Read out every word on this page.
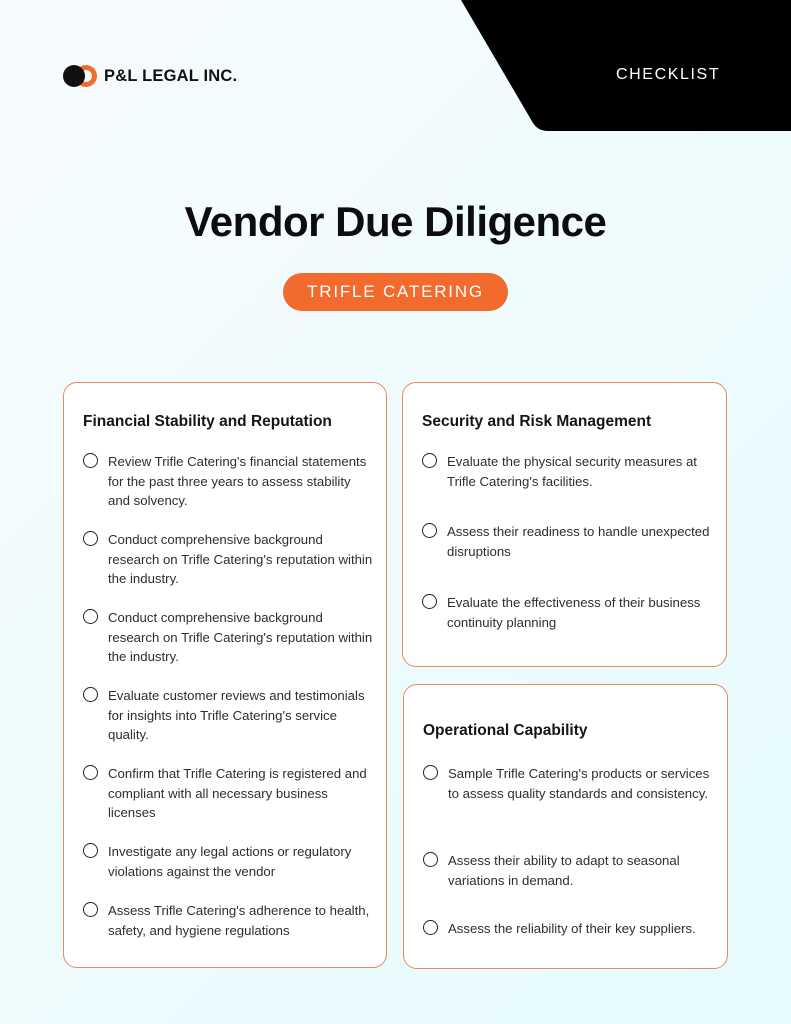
P&L LEGAL INC.	CHECKLIST
Vendor Due Diligence
TRIFLE CATERING
Financial Stability and Reputation
Review Trifle Catering's financial statements for the past three years to assess stability and solvency.
Conduct comprehensive background research on Trifle Catering's reputation within the industry.
Conduct comprehensive background research on Trifle Catering's reputation within the industry.
Evaluate customer reviews and testimonials for insights into Trifle Catering's service quality.
Confirm that Trifle Catering is registered and compliant with all necessary business licenses
Investigate any legal actions or regulatory violations against the vendor
Assess Trifle Catering's adherence to health, safety, and hygiene regulations
Security and Risk Management
Evaluate the physical security measures at Trifle Catering's facilities.
Assess their readiness to handle unexpected disruptions
Evaluate the effectiveness of their business continuity planning
Operational Capability
Sample Trifle Catering's products or services to assess quality standards and consistency.
Assess their ability to adapt to seasonal variations in demand.
Assess the reliability of their key suppliers.
